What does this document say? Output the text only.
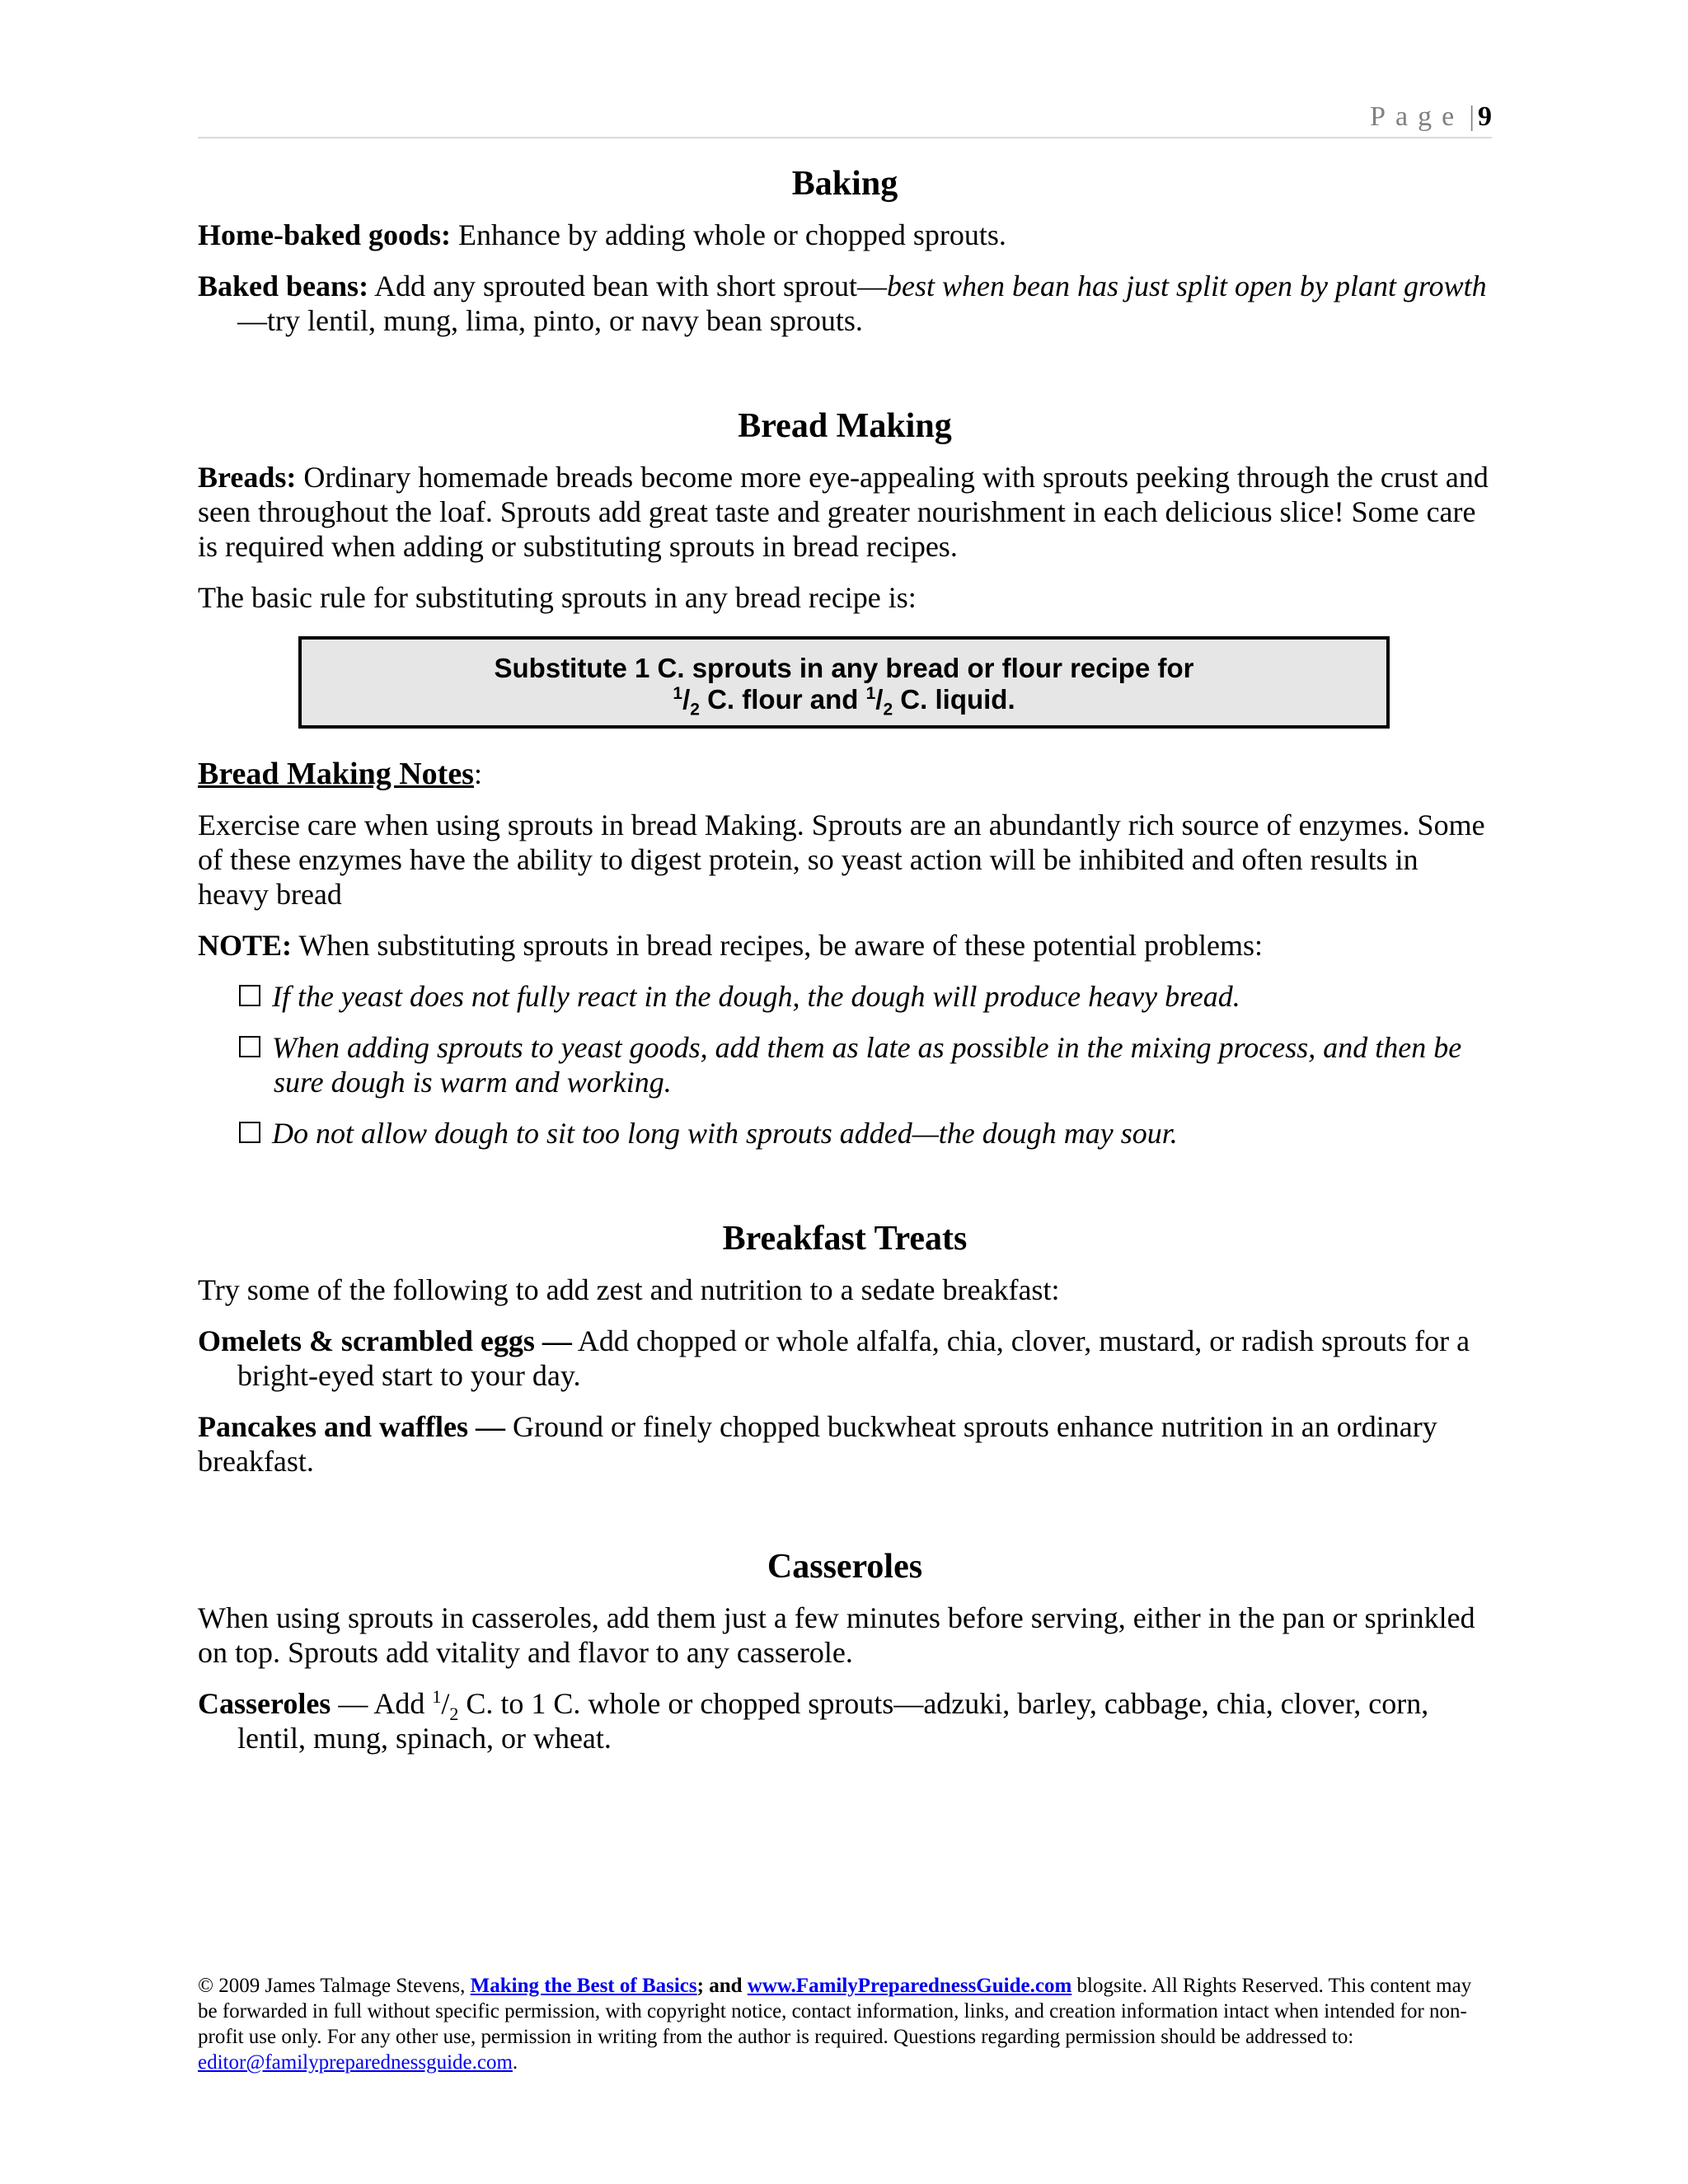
Page | 9
Baking

Home-baked goods: Enhance by adding whole or chopped sprouts.

Baked beans: Add any sprouted bean with short sprout—best when bean has just split open by plant growth—try lentil, mung, lima, pinto, or navy bean sprouts.

Bread Making

Breads: Ordinary homemade breads become more eye-appealing with sprouts peeking through the crust and seen throughout the loaf. Sprouts add great taste and greater nourishment in each delicious slice! Some care is required when adding or substituting sprouts in bread recipes.

The basic rule for substituting sprouts in any bread recipe is:

Substitute 1 C. sprouts in any bread or flour recipe for
$^1/_2$ C. flour and $^1/_2$ C. liquid.

Bread Making Notes:

Exercise care when using sprouts in bread Making. Sprouts are an abundantly rich source of enzymes. Some of these enzymes have the ability to digest protein, so yeast action will be inhibited and often results in heavy bread

NOTE: When substituting sprouts in bread recipes, be aware of these potential problems:

If the yeast does not fully react in the dough, the dough will produce heavy bread.
When adding sprouts to yeast goods, add them as late as possible in the mixing process, and then be sure dough is warm and working.
Do not allow dough to sit too long with sprouts added—the dough may sour.
Breakfast Treats

Try some of the following to add zest and nutrition to a sedate breakfast:

Omelets & scrambled eggs — Add chopped or whole alfalfa, chia, clover, mustard, or radish sprouts for a bright-eyed start to your day.

Pancakes and waffles — Ground or finely chopped buckwheat sprouts enhance nutrition in an ordinary breakfast.

Casseroles

When using sprouts in casseroles, add them just a few minutes before serving, either in the pan or sprinkled on top. Sprouts add vitality and flavor to any casserole.

Casseroles — Add $^1/_2$ C. to 1 C. whole or chopped sprouts—adzuki, barley, cabbage, chia, clover, corn, lentil, mung, spinach, or wheat.

© 2009 James Talmage Stevens, Making the Best of Basics; and www.FamilyPreparednessGuide.com blogsite. All Rights Reserved. This content may be forwarded in full without specific permission, with copyright notice, contact information, links, and creation information intact when intended for non-profit use only. For any other use, permission in writing from the author is required. Questions regarding permission should be addressed to: editor@familypreparednessguide.com.
